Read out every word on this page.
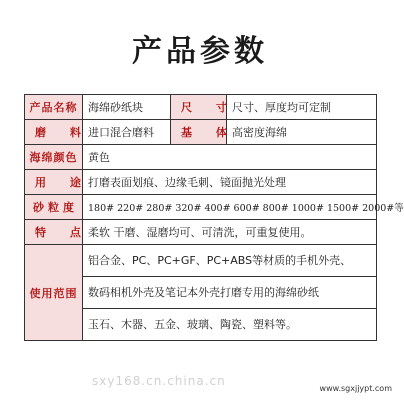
产品参数
产品名称	海绵砂纸块	尺 寸	尺寸、厚度均可定制
磨 料	进口混合磨料	基 体	高密度海绵
海绵颜色	黄色		
用 途	打磨表面划痕、边缘毛刺、镜面抛光处理		
砂粒度	180# 220# 280# 320# 400# 600# 800# 1000# 1500# 2000#等		
特 点	柔软 干磨、湿磨均可、可清洗，可重复使用。		
使用范围	铝合金、PC、PC+GF、PC+ABS等材质的手机外壳、
数码相机外壳及笔记本外壳打磨专用的海绵砂纸
玉石、木器、五金、玻璃、陶瓷、塑料等。		
sxy168.cn.china.cn
www.sgxjjypt.com
